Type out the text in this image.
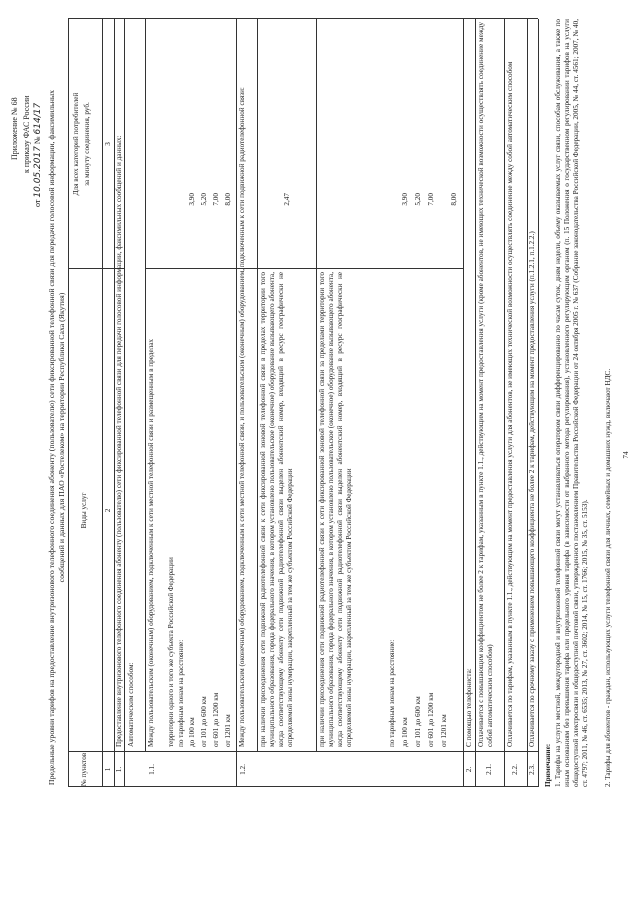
Приложение № 68 к приказу ФАС России
от 10.05.2017 № 614/17 Предельные уровни тарифов на предоставление внутризонового телефонного соединения абоненту (пользователю) сети фиксированной телефонной связи для передачи голосовой информации, факсимильных сообщений и данных для ПАО «Ростелеком» на территории Республики Саха (Якутия)
№ пунктов
Виды услуг
Для всех категорий потребителей за минуту соединения, руб.
1
2
3
1.
Предоставление внутризонового телефонного соединения абоненту (пользователю) сети фиксированной телефонной связи для передачи голосовой информации, факсимильных сообщений и данных: Автоматическим способом:
1.1.
Между пользовательским (оконечным) оборудованием, подключенным к сети местной телефонной связи и размещенным в пределах территории одного и того же субъекта Российской Федерации по тарифным зонам на расстояние: до 100 км от 101 до 600 км от 601 до 1200 км от 1201 км
3,90 5,20 7,00 8,00
1.2.
Между пользовательским (оконечным) оборудованием, подключенным к сети местной телефонной связи, и пользовательским (оконечным) оборудованием, подключенным к сети подвижной радиотелефонной связи: при наличии присоединения сети подвижной радиотелефонной связи к сети фиксированной зоновой телефонной связи в пределах территории того муниципального образования, города федерального значения, в котором установлено пользовательское (оконечное) оборудование вызывающего абонента, когда соответствующему абоненту сети подвижной радиотелефонной связи выделен абонентский номер, входящий в ресурс географически не определяемой зоны нумерации, закрепленный за тем же субъектом Российской Федерации
2,47
при наличии присоединения сети подвижной радиотелефонной связи к сети фиксированной зоновой телефонной связи за пределами территории того муниципального образования, города федерального значения, в котором установлено пользовательское (оконечное) оборудование вызывающего абонента, когда соответствующему абоненту сети подвижной радиотелефонной связи выделен абонентский номер, входящий в ресурс географически не определяемой зоны нумерации, закрепленный за тем же субъектом Российской Федерации	по тарифным зонам на расстояние: до 100 км от 101 до 600 км от 601 до 1200 км от 1201 км
3,90 5,20 7,00 8,00
2.
С помощью телефониста:
2.1.
Оплачивается с повышающим коэффициентом не более 2 к тарифам, указанным в пункте 1.1., действующим на момент предоставления услуги (кроме абонентов, не имеющих технической возможности осуществлять соединение между собой автоматическим способом)
2.2.
Оплачивается по тарифам, указанным в пункте 1.1., действующим на момент предоставления услуги для абонентов, не имеющих технической возможности осуществлять соединение между собой автоматическим способом
2.3.
Оплачивается по срочному заказу с применением повышающего коэффициента не более 2 к тарифам, действующим на момент предоставления услуги (п.1.2.1, п.1.2.2.)
Примечание: 1. Тарифы на услуги местной, междугородной и внутризоновой телефонной связи могут устанавливаться оператором связи дифференцированно по часам суток, дням недели, объему оказываемых услуг связи, способам обслуживания, а также по иным основаниям без превышения тарифа или предельного уровня тарифа (в зависимости от выбранного метода регулирования), установленного регулирующим органом (п. 15 Положения о государственном регулировании тарифов на услуги общедоступной электросвязи и общедоступной почтовой связи, утвержденного постановлением Правительства Российской Федерации от 24 октября 2005 г. № 637 (Собрание законодательства Российской Федерации, 2005, № 44, ст. 4561; 2007, № 40, ст. 4797; 2011, № 46, ст. 6535; 2013, № 27, ст. 3602; 2014, № 15, ст. 1766; 2015, № 35, ст. 5153). 2. Тарифы для абонентов - граждан, использующих услуги телефонной связи для личных, семейных и домашних нужд, включают НДС. 74
